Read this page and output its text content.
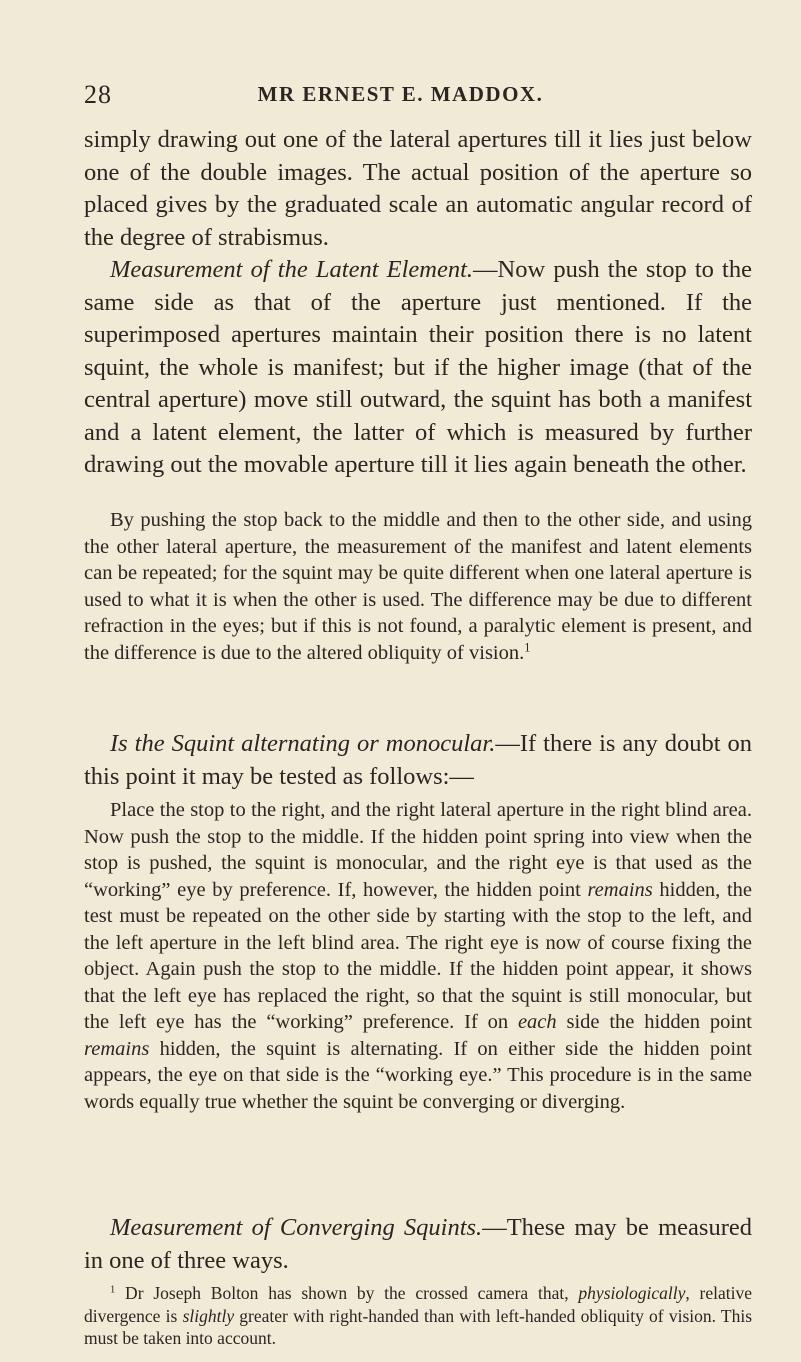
28	MR ERNEST E. MADDOX.

simply drawing out one of the lateral apertures till it lies just below one of the double images. The actual position of the aperture so placed gives by the graduated scale an automatic angular record of the degree of strabismus.

Measurement of the Latent Element.—Now push the stop to the same side as that of the aperture just mentioned. If the superimposed apertures maintain their position there is no latent squint, the whole is manifest; but if the higher image (that of the central aperture) move still outward, the squint has both a manifest and a latent element, the latter of which is measured by further drawing out the movable aperture till it lies again beneath the other.

By pushing the stop back to the middle and then to the other side, and using the other lateral aperture, the measurement of the manifest and latent elements can be repeated; for the squint may be quite different when one lateral aperture is used to what it is when the other is used. The difference may be due to different refraction in the eyes; but if this is not found, a paralytic element is present, and the difference is due to the altered obliquity of vision.$^1$

Is the Squint alternating or monocular.—If there is any doubt on this point it may be tested as follows:—

Place the stop to the right, and the right lateral aperture in the right blind area. Now push the stop to the middle. If the hidden point spring into view when the stop is pushed, the squint is monocular, and the right eye is that used as the “working” eye by preference. If, however, the hidden point remains hidden, the test must be repeated on the other side by starting with the stop to the left, and the left aperture in the left blind area. The right eye is now of course fixing the object. Again push the stop to the middle. If the hidden point appear, it shows that the left eye has replaced the right, so that the squint is still monocular, but the left eye has the “working” preference. If on each side the hidden point remains hidden, the squint is alternating. If on either side the hidden point appears, the eye on that side is the “working eye.” This procedure is in the same words equally true whether the squint be converging or diverging.

Measurement of Converging Squints.—These may be measured in one of three ways.

$^1$ Dr Joseph Bolton has shown by the crossed camera that, physiologically, relative divergence is slightly greater with right-handed than with left-handed obliquity of vision. This must be taken into account.
